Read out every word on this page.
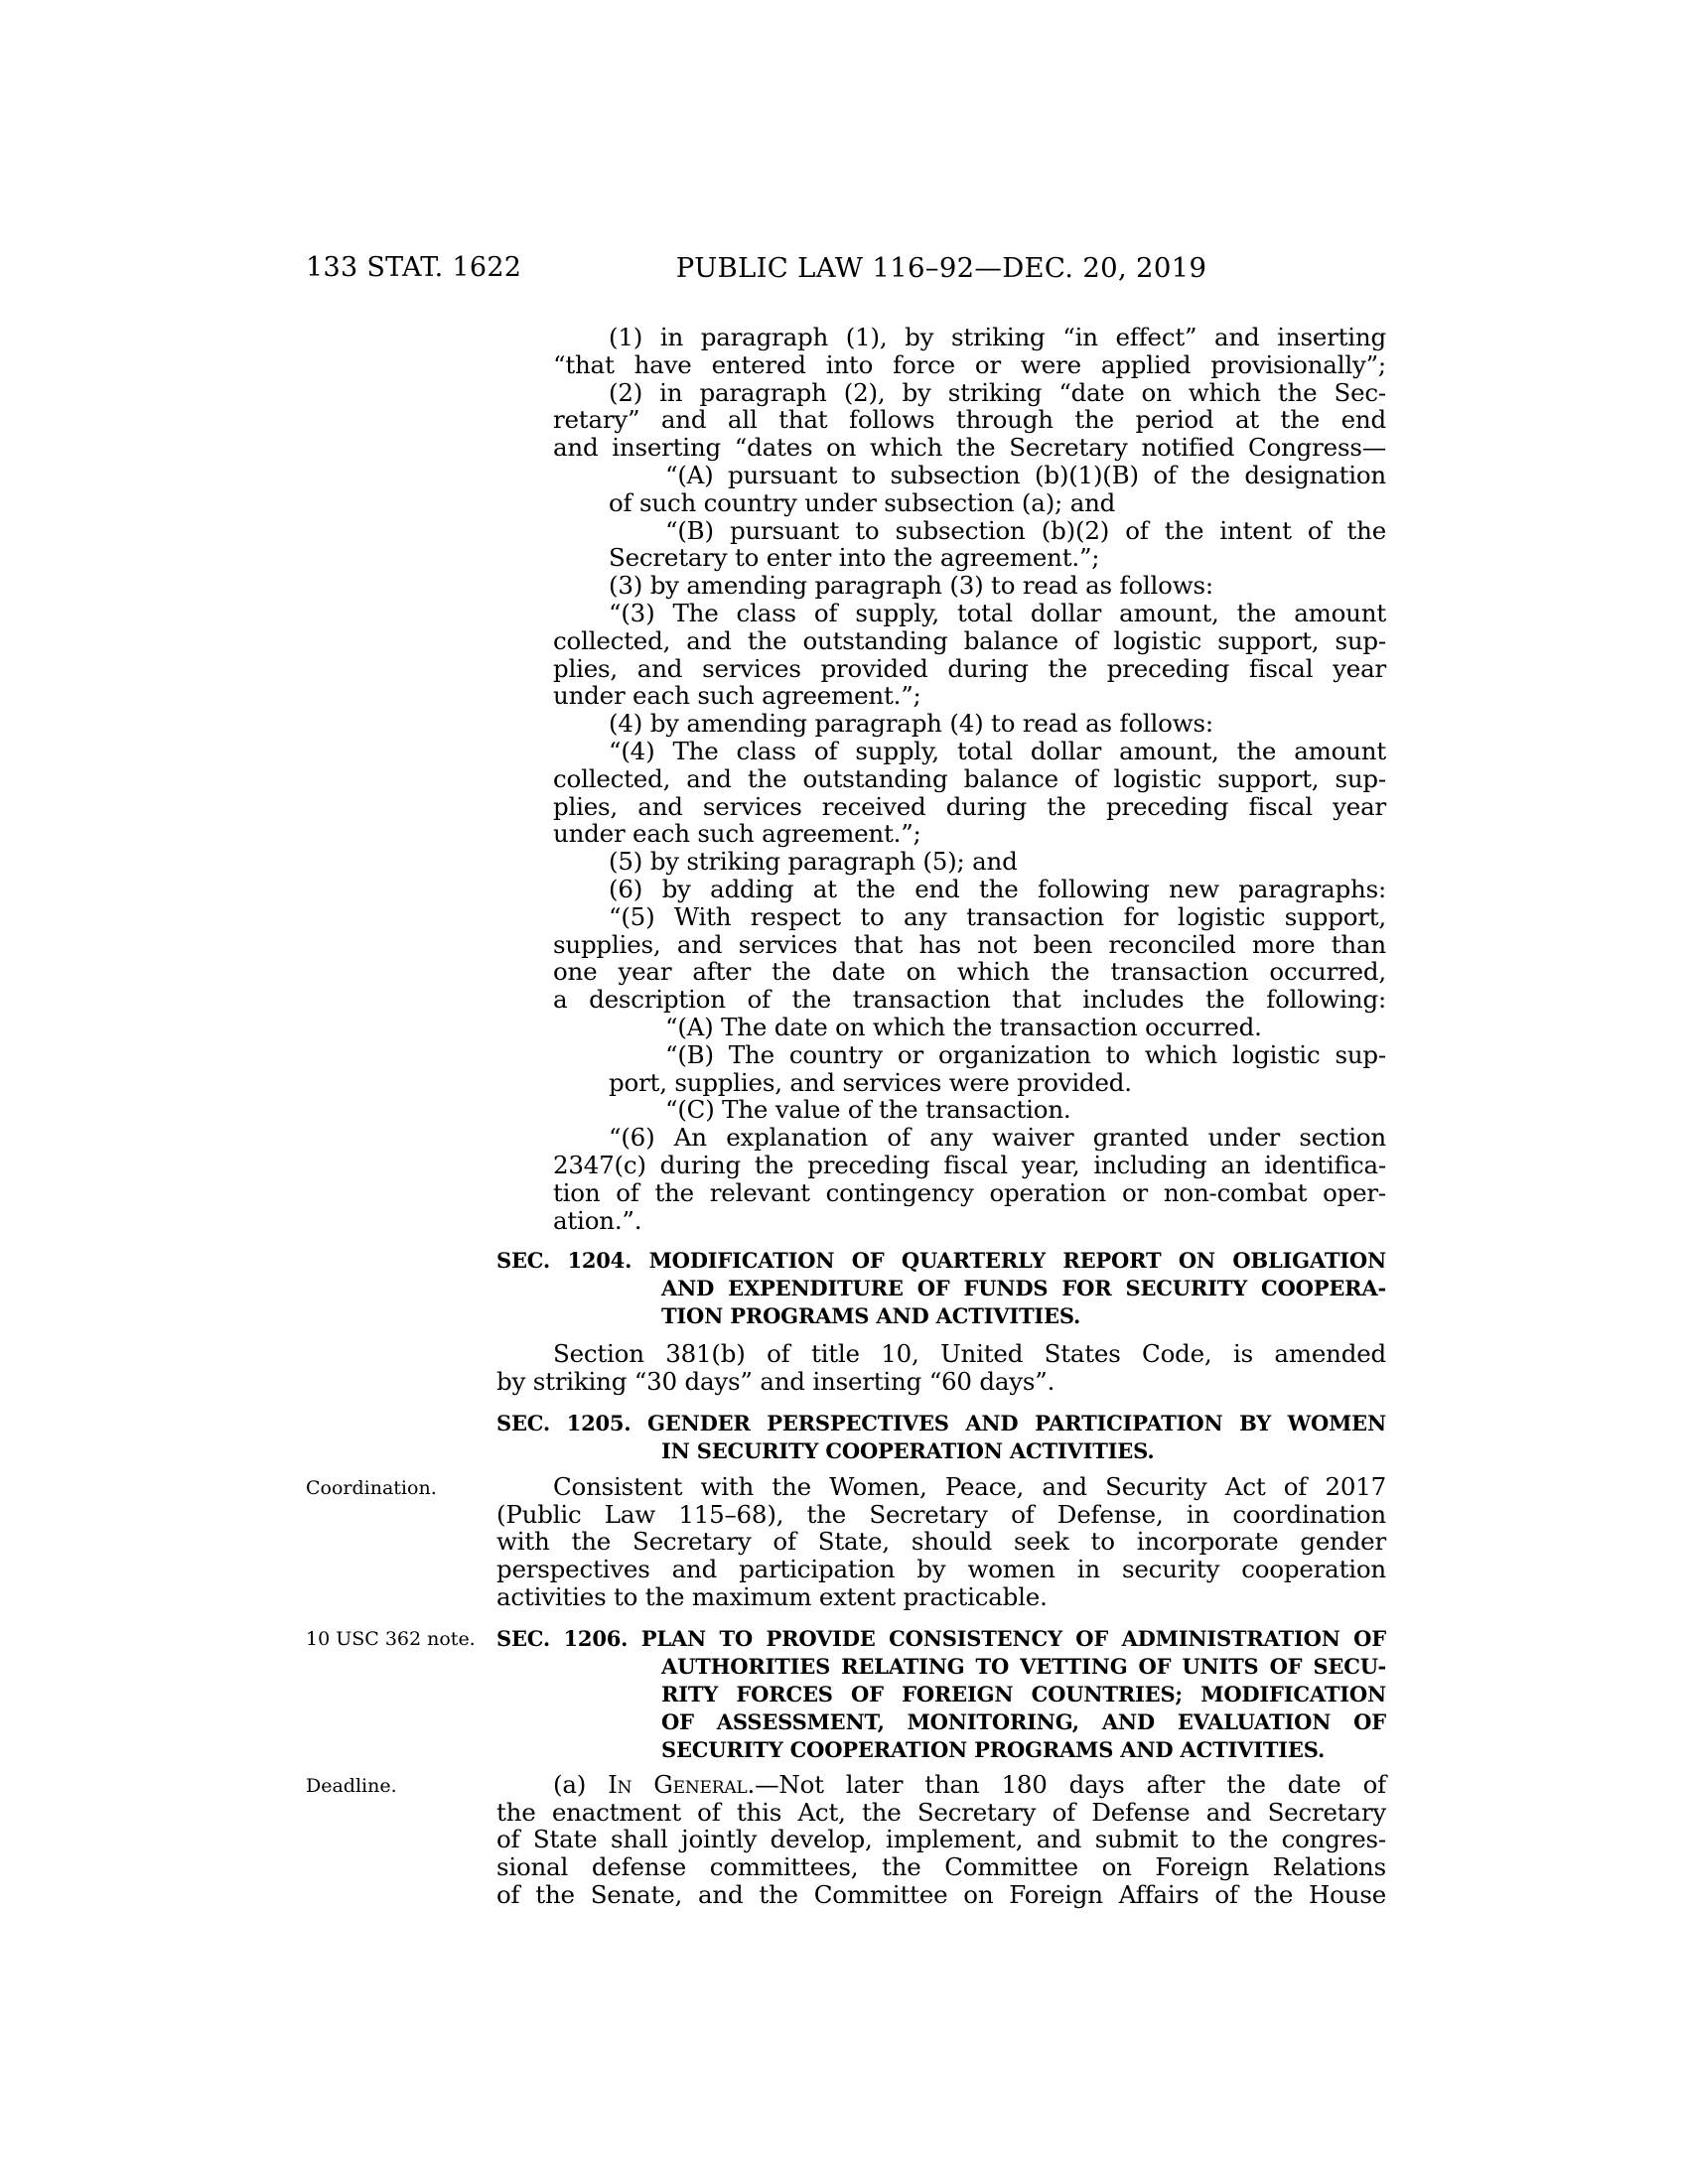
133 STAT. 1622	PUBLIC LAW 116–92—DEC. 20, 2019
(1) in paragraph (1), by striking “in effect” and inserting
“that have entered into force or were applied provisionally”;
(2) in paragraph (2), by striking “date on which the Sec-
retary” and all that follows through the period at the end
and inserting “dates on which the Secretary notified Congress—
“(A) pursuant to subsection (b)(1)(B) of the designation
of such country under subsection (a); and
“(B) pursuant to subsection (b)(2) of the intent of the
Secretary to enter into the agreement.”;
(3) by amending paragraph (3) to read as follows:
“(3) The class of supply, total dollar amount, the amount
collected, and the outstanding balance of logistic support, sup-
plies, and services provided during the preceding fiscal year
under each such agreement.”;
(4) by amending paragraph (4) to read as follows:
“(4) The class of supply, total dollar amount, the amount
collected, and the outstanding balance of logistic support, sup-
plies, and services received during the preceding fiscal year
under each such agreement.”;
(5) by striking paragraph (5); and
(6) by adding at the end the following new paragraphs:
“(5) With respect to any transaction for logistic support,
supplies, and services that has not been reconciled more than
one year after the date on which the transaction occurred,
a description of the transaction that includes the following:
“(A) The date on which the transaction occurred.
“(B) The country or organization to which logistic sup-
port, supplies, and services were provided.
“(C) The value of the transaction.
“(6) An explanation of any waiver granted under section
2347(c) during the preceding fiscal year, including an identifica-
tion of the relevant contingency operation or non-combat oper-
ation.”.
SEC. 1204. MODIFICATION OF QUARTERLY REPORT ON OBLIGATION
AND EXPENDITURE OF FUNDS FOR SECURITY COOPERA-
TION PROGRAMS AND ACTIVITIES.
Section 381(b) of title 10, United States Code, is amended
by striking “30 days” and inserting “60 days”.
SEC. 1205. GENDER PERSPECTIVES AND PARTICIPATION BY WOMEN
IN SECURITY COOPERATION ACTIVITIES.
Consistent with the Women, Peace, and Security Act of 2017
Coordination.
(Public Law 115–68), the Secretary of Defense, in coordination
with the Secretary of State, should seek to incorporate gender
perspectives and participation by women in security cooperation
activities to the maximum extent practicable.
SEC. 1206. PLAN TO PROVIDE CONSISTENCY OF ADMINISTRATION OF
10 USC 362 note.
AUTHORITIES RELATING TO VETTING OF UNITS OF SECU-
RITY FORCES OF FOREIGN COUNTRIES; MODIFICATION
OF ASSESSMENT, MONITORING, AND EVALUATION OF
SECURITY COOPERATION PROGRAMS AND ACTIVITIES.
(a) In General.—Not later than 180 days after the date of
Deadline.
the enactment of this Act, the Secretary of Defense and Secretary
of State shall jointly develop, implement, and submit to the congres-
sional defense committees, the Committee on Foreign Relations
of the Senate, and the Committee on Foreign Affairs of the House
